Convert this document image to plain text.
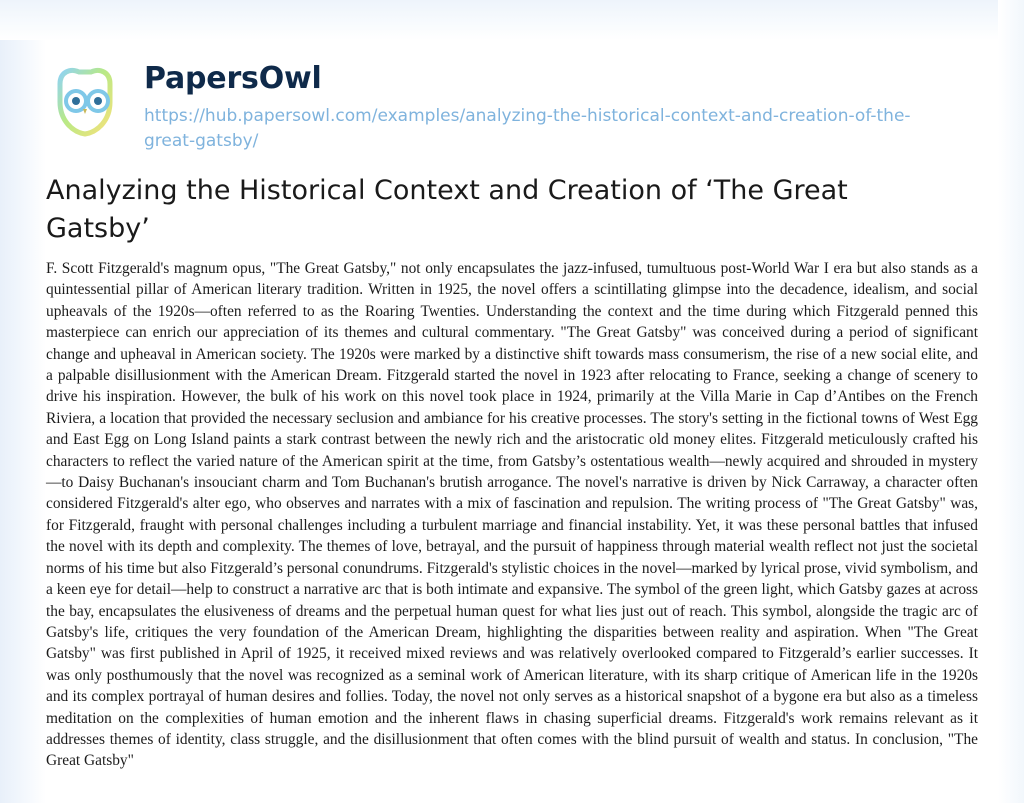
PapersOwl
https://hub.papersowl.com/examples/analyzing-the-historical-context-and-creation-of-the-great-gatsby/
Analyzing the Historical Context and Creation of ‘The Great Gatsby’
F. Scott Fitzgerald's magnum opus, "The Great Gatsby," not only encapsulates the jazz-infused, tumultuous post-World War I era but also stands as a quintessential pillar of American literary tradition. Written in 1925, the novel offers a scintillating glimpse into the decadence, idealism, and social upheavals of the 1920s—often referred to as the Roaring Twenties. Understanding the context and the time during which Fitzgerald penned this masterpiece can enrich our appreciation of its themes and cultural commentary. "The Great Gatsby" was conceived during a period of significant change and upheaval in American society. The 1920s were marked by a distinctive shift towards mass consumerism, the rise of a new social elite, and a palpable disillusionment with the American Dream. Fitzgerald started the novel in 1923 after relocating to France, seeking a change of scenery to drive his inspiration. However, the bulk of his work on this novel took place in 1924, primarily at the Villa Marie in Cap d’Antibes on the French Riviera, a location that provided the necessary seclusion and ambiance for his creative processes. The story's setting in the fictional towns of West Egg and East Egg on Long Island paints a stark contrast between the newly rich and the aristocratic old money elites. Fitzgerald meticulously crafted his characters to reflect the varied nature of the American spirit at the time, from Gatsby’s ostentatious wealth—newly acquired and shrouded in mystery—to Daisy Buchanan's insouciant charm and Tom Buchanan's brutish arrogance. The novel's narrative is driven by Nick Carraway, a character often considered Fitzgerald's alter ego, who observes and narrates with a mix of fascination and repulsion. The writing process of "The Great Gatsby" was, for Fitzgerald, fraught with personal challenges including a turbulent marriage and financial instability. Yet, it was these personal battles that infused the novel with its depth and complexity. The themes of love, betrayal, and the pursuit of happiness through material wealth reflect not just the societal norms of his time but also Fitzgerald’s personal conundrums. Fitzgerald's stylistic choices in the novel—marked by lyrical prose, vivid symbolism, and a keen eye for detail—help to construct a narrative arc that is both intimate and expansive. The symbol of the green light, which Gatsby gazes at across the bay, encapsulates the elusiveness of dreams and the perpetual human quest for what lies just out of reach. This symbol, alongside the tragic arc of Gatsby's life, critiques the very foundation of the American Dream, highlighting the disparities between reality and aspiration. When "The Great Gatsby" was first published in April of 1925, it received mixed reviews and was relatively overlooked compared to Fitzgerald’s earlier successes. It was only posthumously that the novel was recognized as a seminal work of American literature, with its sharp critique of American life in the 1920s and its complex portrayal of human desires and follies. Today, the novel not only serves as a historical snapshot of a bygone era but also as a timeless meditation on the complexities of human emotion and the inherent flaws in chasing superficial dreams. Fitzgerald's work remains relevant as it addresses themes of identity, class struggle, and the disillusionment that often comes with the blind pursuit of wealth and status. In conclusion, "The Great Gatsby"
